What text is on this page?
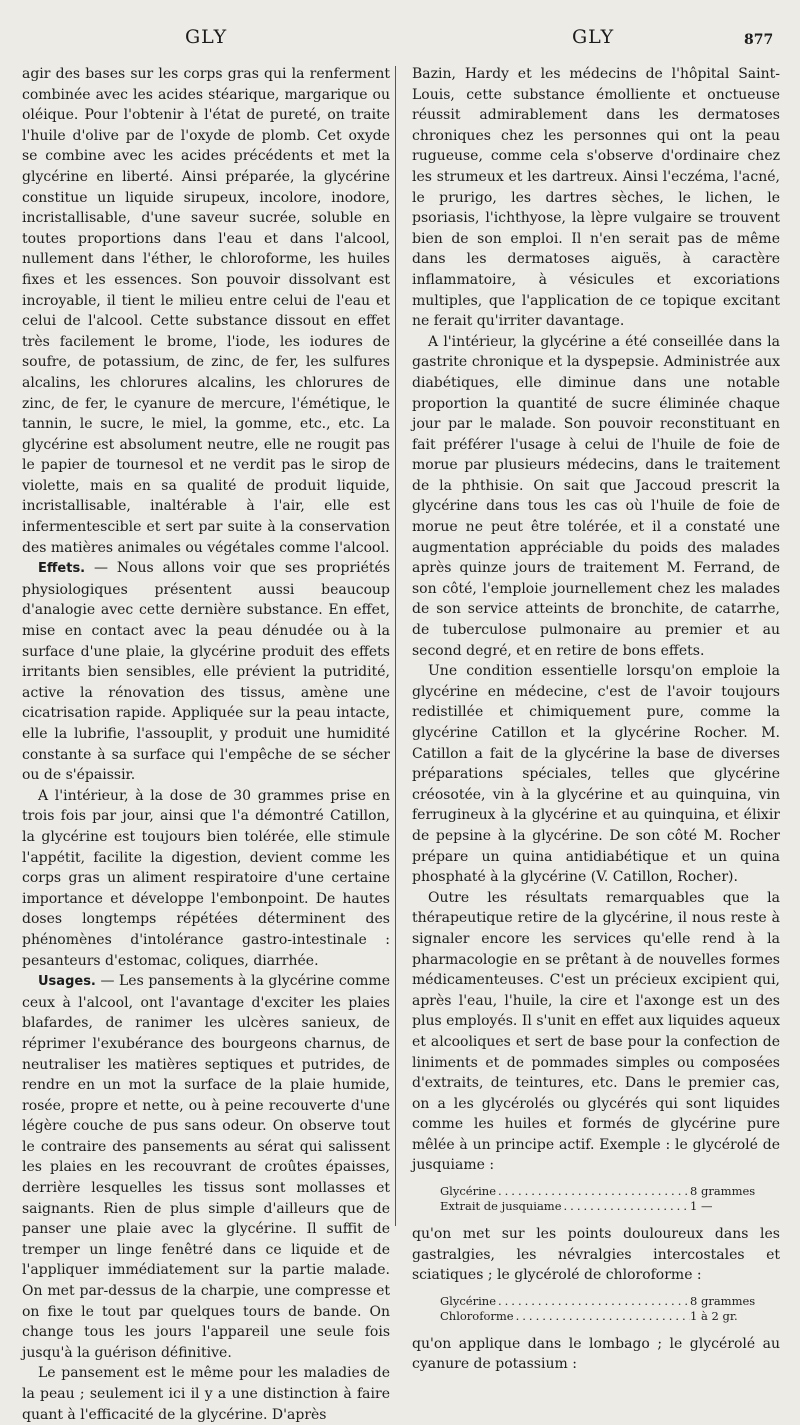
GLY	GLY	877

agir des bases sur les corps gras qui la renferment combinée avec les acides stéarique, margarique ou oléique. Pour l'obtenir à l'état de pureté, on traite l'huile d'olive par de l'oxyde de plomb. Cet oxyde se combine avec les acides précédents et met la glycérine en liberté. Ainsi préparée, la glycérine constitue un liquide sirupeux, incolore, inodore, incristallisable, d'une saveur sucrée, soluble en toutes proportions dans l'eau et dans l'alcool, nullement dans l'éther, le chloroforme, les huiles fixes et les essences. Son pouvoir dissolvant est incroyable, il tient le milieu entre celui de l'eau et celui de l'alcool. Cette substance dissout en effet très facilement le brome, l'iode, les iodures de soufre, de potassium, de zinc, de fer, les sulfures alcalins, les chlorures alcalins, les chlorures de zinc, de fer, le cyanure de mercure, l'émétique, le tannin, le sucre, le miel, la gomme, etc., etc. La glycérine est absolument neutre, elle ne rougit pas le papier de tournesol et ne verdit pas le sirop de violette, mais en sa qualité de produit liquide, incristallisable, inaltérable à l'air, elle est infermentescible et sert par suite à la conservation des matières animales ou végétales comme l'alcool.

Effets. — Nous allons voir que ses propriétés physiologiques présentent aussi beaucoup d'analogie avec cette dernière substance. En effet, mise en contact avec la peau dénudée ou à la surface d'une plaie, la glycérine produit des effets irritants bien sensibles, elle prévient la putridité, active la rénovation des tissus, amène une cicatrisation rapide. Appliquée sur la peau intacte, elle la lubrifie, l'assouplit, y produit une humidité constante à sa surface qui l'empêche de se sécher ou de s'épaissir.

A l'intérieur, à la dose de 30 grammes prise en trois fois par jour, ainsi que l'a démontré Catillon, la glycérine est toujours bien tolérée, elle stimule l'appétit, facilite la digestion, devient comme les corps gras un aliment respiratoire d'une certaine importance et développe l'embonpoint. De hautes doses longtemps répétées déterminent des phénomènes d'intolérance gastro-intestinale : pesanteurs d'estomac, coliques, diarrhée.

Usages. — Les pansements à la glycérine comme ceux à l'alcool, ont l'avantage d'exciter les plaies blafardes, de ranimer les ulcères sanieux, de réprimer l'exubérance des bourgeons charnus, de neutraliser les matières septiques et putrides, de rendre en un mot la surface de la plaie humide, rosée, propre et nette, ou à peine recouverte d'une légère couche de pus sans odeur. On observe tout le contraire des pansements au sérat qui salissent les plaies en les recouvrant de croûtes épaisses, derrière lesquelles les tissus sont mollasses et saignants. Rien de plus simple d'ailleurs que de panser une plaie avec la glycérine. Il suffit de tremper un linge fenêtré dans ce liquide et de l'appliquer immédiatement sur la partie malade. On met par-dessus de la charpie, une compresse et on fixe le tout par quelques tours de bande. On change tous les jours l'appareil une seule fois jusqu'à la guérison définitive.

Le pansement est le même pour les maladies de la peau ; seulement ici il y a une distinction à faire quant à l'efficacité de la glycérine. D'après

Bazin, Hardy et les médecins de l'hôpital Saint-Louis, cette substance émolliente et onctueuse réussit admirablement dans les dermatoses chroniques chez les personnes qui ont la peau rugueuse, comme cela s'observe d'ordinaire chez les strumeux et les dartreux. Ainsi l'eczéma, l'acné, le prurigo, les dartres sèches, le lichen, le psoriasis, l'ichthyose, la lèpre vulgaire se trouvent bien de son emploi. Il n'en serait pas de même dans les dermatoses aiguës, à caractère inflammatoire, à vésicules et excoriations multiples, que l'application de ce topique excitant ne ferait qu'irriter davantage.

A l'intérieur, la glycérine a été conseillée dans la gastrite chronique et la dyspepsie. Administrée aux diabétiques, elle diminue dans une notable proportion la quantité de sucre éliminée chaque jour par le malade. Son pouvoir reconstituant en fait préférer l'usage à celui de l'huile de foie de morue par plusieurs médecins, dans le traitement de la phthisie. On sait que Jaccoud prescrit la glycérine dans tous les cas où l'huile de foie de morue ne peut être tolérée, et il a constaté une augmentation appréciable du poids des malades après quinze jours de traitement M. Ferrand, de son côté, l'emploie journellement chez les malades de son service atteints de bronchite, de catarrhe, de tuberculose pulmonaire au premier et au second degré, et en retire de bons effets.

Une condition essentielle lorsqu'on emploie la glycérine en médecine, c'est de l'avoir toujours redistillée et chimiquement pure, comme la glycérine Catillon et la glycérine Rocher. M. Catillon a fait de la glycérine la base de diverses préparations spéciales, telles que glycérine créosotée, vin à la glycérine et au quinquina, vin ferrugineux à la glycérine et au quinquina, et élixir de pepsine à la glycérine. De son côté M. Rocher prépare un quina antidiabétique et un quina phosphaté à la glycérine (V. Catillon, Rocher).

Outre les résultats remarquables que la thérapeutique retire de la glycérine, il nous reste à signaler encore les services qu'elle rend à la pharmacologie en se prêtant à de nouvelles formes médicamenteuses. C'est un précieux excipient qui, après l'eau, l'huile, la cire et l'axonge est un des plus employés. Il s'unit en effet aux liquides aqueux et alcooliques et sert de base pour la confection de liniments et de pommades simples ou composées d'extraits, de teintures, etc. Dans le premier cas, on a les glycérolés ou glycérés qui sont liquides comme les huiles et formés de glycérine pure mêlée à un principe actif. Exemple : le glycérolé de jusquiame :

Glycérine .....	8 grammes
Extrait de jusquiame .....	1 —

qu'on met sur les points douloureux dans les gastralgies, les névralgies intercostales et sciatiques ; le glycérolé de chloroforme :

Glycérine .....	8 grammes
Chloroforme .....	1 à 2 gr.

qu'on applique dans le lombago ; le glycérolé au cyanure de potassium :
